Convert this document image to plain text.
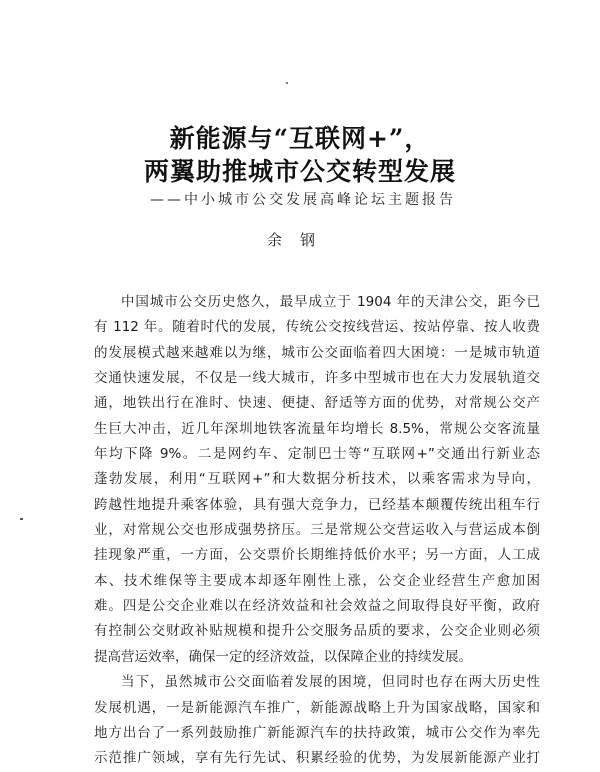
新能源与“互联网+”，
两翼助推城市公交转型发展
——中小城市公交发展高峰论坛主题报告
余钢
中国城市公交历史悠久，最早成立于 1904 年的天津公交，距今已
有 112 年。随着时代的发展，传统公交按线营运、按站停靠、按人收费
的发展模式越来越难以为继，城市公交面临着四大困境：一是城市轨道
交通快速发展，不仅是一线大城市，许多中型城市也在大力发展轨道交
通，地铁出行在准时、快速、便捷、舒适等方面的优势，对常规公交产
生巨大冲击，近几年深圳地铁客流量年均增长 8.5%，常规公交客流量
年均下降 9%。二是网约车、定制巴士等“互联网+”交通出行新业态
蓬勃发展，利用“互联网+”和大数据分析技术，以乘客需求为导向，
跨越性地提升乘客体验，具有强大竞争力，已经基本颠覆传统出租车行
业，对常规公交也形成强势挤压。三是常规公交营运收入与营运成本倒
挂现象严重，一方面，公交票价长期维持低价水平；另一方面，人工成
本、技术维保等主要成本却逐年刚性上涨，公交企业经营生产愈加困
难。四是公交企业难以在经济效益和社会效益之间取得良好平衡，政府
有控制公交财政补贴规模和提升公交服务品质的要求，公交企业则必须
提高营运效率，确保一定的经济效益，以保障企业的持续发展。
当下，虽然城市公交面临着发展的困境，但同时也存在两大历史性
发展机遇，一是新能源汽车推广，新能源战略上升为国家战略，国家和
地方出台了一系列鼓励推广新能源汽车的扶持政策，城市公交作为率先
示范推广领域，享有先行先试、积累经验的优势，为发展新能源产业打
